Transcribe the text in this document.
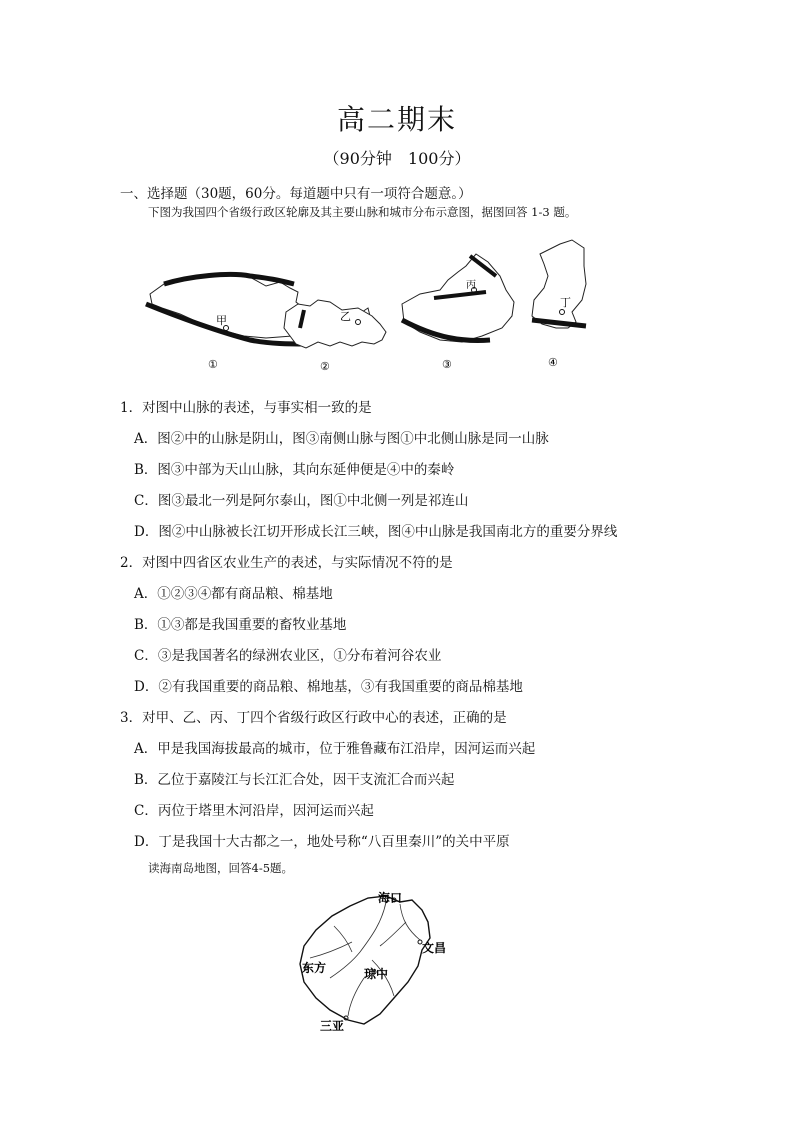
高二期末
（90分钟　100分）
一、选择题（30题，60分。每道题中只有一项符合题意。）
下图为我国四个省级行政区轮廓及其主要山脉和城市分布示意图，据图回答 1-3 题。
甲	乙
丙
丁
①	②	③	④
1．对图中山脉的表述，与事实相一致的是
A．图②中的山脉是阴山，图③南侧山脉与图①中北侧山脉是同一山脉
B．图③中部为天山山脉，其向东延伸便是④中的秦岭
C．图③最北一列是阿尔泰山，图①中北侧一列是祁连山
D．图②中山脉被长江切开形成长江三峡，图④中山脉是我国南北方的重要分界线
2．对图中四省区农业生产的表述，与实际情况不符的是
A．①②③④都有商品粮、棉基地
B．①③都是我国重要的畜牧业基地
C．③是我国著名的绿洲农业区，①分布着河谷农业
D．②有我国重要的商品粮、棉地基，③有我国重要的商品棉基地
3．对甲、乙、丙、丁四个省级行政区行政中心的表述，正确的是
A．甲是我国海拔最高的城市，位于雅鲁藏布江沿岸，因河运而兴起
B．乙位于嘉陵江与长江汇合处，因干支流汇合而兴起
C．丙位于塔里木河沿岸，因河运而兴起
D．丁是我国十大古都之一，地处号称“八百里秦川”的关中平原
读海南岛地图，回答4-5题。
海口
文昌
东方	琼中
三亚
